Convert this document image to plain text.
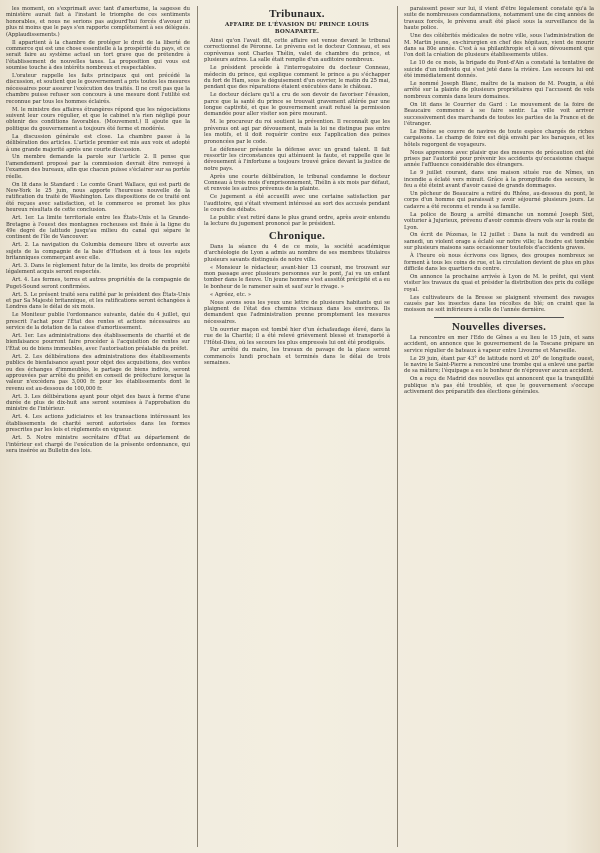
les moment, on s'exprimait avec tant d'amertume, la sagesse du ministère aurait fait à l'instant le triomphe de ces sentiments honorables, et nous ne serions pas aujourd'hui forcés d'avouer ni plus ni moins que le pays s'en rapporte complètement à ses délégués. (Applaudissements.)

Il appartient à la chambre de protéger le droit de la liberté de commerce qui est une chose essentielle à la prospérité du pays, et ce serait faire au système actuel un tort grave que de prétendre à l'établissement de nouvelles taxes. La proposition qui vous est soumise touche à des intérêts nombreux et respectables.

L'orateur rappelle les faits principaux qui ont précédé la discussion, et soutient que le gouvernement a pris toutes les mesures nécessaires pour assurer l'exécution des traités. Il ne croit pas que la chambre puisse refuser son concours à une mesure dont l'utilité est reconnue par tous les hommes éclairés.

M. le ministre des affaires étrangères répond que les négociations suivent leur cours régulier, et que le cabinet n'a rien négligé pour obtenir des conditions favorables. (Mouvement.) Il ajoute que la politique du gouvernement a toujours été ferme et modérée.

La discussion générale est close. La chambre passe à la délibération des articles. L'article premier est mis aux voix et adopté à une grande majorité après une courte discussion.

Un membre demande la parole sur l'article 2. Il pense que l'amendement proposé par la commission devrait être renvoyé à l'examen des bureaux, afin que chacun puisse s'éclairer sur sa portée réelle.

On lit dans le Standard : Le comte Grant Wallace, qui est parti de New-York le 25 juin, nous apporte l'heureuse nouvelle de la ratification du traité de Washington. Les dispositions de ce traité ont été reçues avec satisfaction, et le commerce se promet les plus heureux résultats de cette conclusion.

Art. 1er. La limite territoriale entre les États-Unis et la Grande-Bretagne à l'ouest des montagnes rocheuses est fixée à la ligne du 49e degré de latitude jusqu'au milieu du canal qui sépare le continent de l'île de Vancouver.

Art. 2. La navigation du Columbia demeure libre et ouverte aux sujets de la compagnie de la baie d'Hudson et à tous les sujets britanniques commerçant avec elle.

Art. 3. Dans le règlement futur de la limite, les droits de propriété légalement acquis seront respectés.

Art. 4. Les fermes, terres et autres propriétés de la compagnie de Puget-Sound seront confirmées.

Art. 5. Le présent traité sera ratifié par le président des États-Unis et par Sa Majesté britannique, et les ratifications seront échangées à Londres dans le délai de six mois.

Le Moniteur publie l'ordonnance suivante, datée du 4 juillet, qui prescrit l'achat pour l'État des rentes et actions nécessaires au service de la dotation de la caisse d'amortissement.

Art. 1er. Les administrations des établissements de charité et de bienfaisance pourront faire procéder à l'acquisition de rentes sur l'État ou de biens immeubles, avec l'autorisation préalable du préfet.

Art. 2. Les délibérations des administrations des établissements publics de bienfaisance ayant pour objet des acquisitions, des ventes ou des échanges d'immeubles, le partage de biens indivis, seront approuvées par arrêté du préfet en conseil de préfecture lorsque la valeur n'excèdera pas 3,000 fr. pour les établissements dont le revenu est au-dessous de 100,000 fr.

Art. 3. Les délibérations ayant pour objet des baux à ferme d'une durée de plus de dix-huit ans seront soumises à l'approbation du ministre de l'intérieur.

Art. 4. Les actions judiciaires et les transactions intéressant les établissements de charité seront autorisées dans les formes prescrites par les lois et règlements en vigueur.

Art. 5. Notre ministre secrétaire d'État au département de l'intérieur est chargé de l'exécution de la présente ordonnance, qui sera insérée au Bulletin des lois.

Tribunaux.
AFFAIRE DE L'ÉVASION DU PRINCE LOUIS BONAPARTE.

Ainsi qu'on l'avait dit, cette affaire est venue devant le tribunal correctionnel de Péronne. Le prévenu est le docteur Conneau, et ses coprévenus sont Charles Thélin, valet de chambre du prince, et plusieurs autres. La salle était remplie d'un auditoire nombreux.

Le président procède à l'interrogatoire du docteur Conneau, médecin du prince, qui explique comment le prince a pu s'échapper du fort de Ham, sous le déguisement d'un ouvrier, le matin du 25 mai, pendant que des réparations étaient exécutées dans le château.

Le docteur déclare qu'il a cru de son devoir de favoriser l'évasion, parce que la santé du prince se trouvait gravement altérée par une longue captivité, et que le gouvernement avait refusé la permission demandée pour aller visiter son père mourant.

M. le procureur du roi soutient la prévention. Il reconnaît que les prévenus ont agi par dévouement, mais la loi ne distingue pas entre les motifs, et il doit requérir contre eux l'application des peines prononcées par le code.

Le défenseur présente la défense avec un grand talent. Il fait ressortir les circonstances qui atténuent la faute, et rappelle que le dévouement à l'infortune a toujours trouvé grâce devant la justice de notre pays.

Après une courte délibération, le tribunal condamne le docteur Conneau à trois mois d'emprisonnement, Thélin à six mois par défaut, et renvoie les autres prévenus de la plainte.

Ce jugement a été accueilli avec une certaine satisfaction par l'auditoire, qui s'était vivement intéressé au sort des accusés pendant le cours des débats.

Le public s'est retiré dans le plus grand ordre, après avoir entendu la lecture du jugement prononcé par le président.

Chronique.

Dans la séance du 4 de ce mois, la société académique d'archéologie de Lyon a admis au nombre de ses membres titulaires plusieurs savants distingués de notre ville.

« Monsieur le rédacteur, avant-hier 13 courant, me trouvant sur mon passage avec plusieurs personnes sur le pont, j'ai vu un enfant tomber dans le fleuve. Un jeune homme s'est aussitôt précipité et a eu le bonheur de le ramener sain et sauf sur le rivage. »

« Agréez, etc. »

Nous avons sous les yeux une lettre de plusieurs habitants qui se plaignent de l'état des chemins vicinaux dans les environs. Ils demandent que l'administration prenne promptement les mesures nécessaires.

Un ouvrier maçon est tombé hier d'un échafaudage élevé, dans la rue de la Charité; il a été relevé grièvement blessé et transporté à l'Hôtel-Dieu, où les secours les plus empressés lui ont été prodigués.

Par arrêté du maire, les travaux de pavage de la place seront commencés lundi prochain et terminés dans le délai de trois semaines.

paraissent peser sur lui, il vient d'être légalement constaté qu'à la suite de nombreuses condamnations, notamment une de cinq années de travaux forcés, le prévenu avait été placé sous la surveillance de la haute police.

Une des célébrités médicales de notre ville, sous l'administration de M. Martin jeune, ex-chirurgien en chef des hôpitaux, vient de mourir dans sa 80e année. C'est à sa philanthropie et à son dévouement que l'on doit la création de plusieurs établissements utiles.

Le 10 de ce mois, la brigade du Pont-d'Ain a constaté la tentative de suicide d'un individu qui s'est jeté dans la rivière. Les secours lui ont été immédiatement donnés.

Le nommé Joseph Blanc, maître de la maison de M. Pougin, a été arrêté sur la plainte de plusieurs propriétaires qui l'accusent de vols nombreux commis dans leurs domaines.

On lit dans le Courrier du Gard : Le mouvement de la foire de Beaucaire commence à se faire sentir. La ville voit arriver successivement des marchands de toutes les parties de la France et de l'étranger.

Le Rhône se couvre de navires de toute espèce chargés de riches cargaisons. Le champ de foire est déjà envahi par les baraques, et les hôtels regorgent de voyageurs.

Nous apprenons avec plaisir que des mesures de précaution ont été prises par l'autorité pour prévenir les accidents qu'occasionne chaque année l'affluence considérable des étrangers.

Le 9 juillet courant, dans une maison située rue de Nîmes, un incendie a éclaté vers minuit. Grâce à la promptitude des secours, le feu a été éteint avant d'avoir causé de grands dommages.

Un pêcheur de Beaucaire a retiré du Rhône, au-dessous du pont, le corps d'un homme qui paraissait y avoir séjourné plusieurs jours. Le cadavre a été reconnu et rendu à sa famille.

La police de Bourg a arrêté dimanche un nommé Joseph Sixt, voiturier à Jujurieux, prévenu d'avoir commis divers vols sur la route de Lyon.

On écrit de Pézenas, le 12 juillet : Dans la nuit du vendredi au samedi, un violent orage a éclaté sur notre ville; la foudre est tombée sur plusieurs maisons sans occasionner toutefois d'accidents graves.

À l'heure où nous écrivons ces lignes, des groupes nombreux se forment à tous les coins de rue, et la circulation devient de plus en plus difficile dans les quartiers du centre.

On annonce la prochaine arrivée à Lyon de M. le préfet, qui vient visiter les travaux du quai et présider la distribution des prix du collège royal.

Les cultivateurs de la Bresse se plaignent vivement des ravages causés par les insectes dans les récoltes de blé; on craint que la moisson ne soit inférieure à celle de l'année dernière.

Nouvelles diverses.

La rencontre en mer l'Edo de Gênes a eu lieu le 15 juin, et sans accident, on annonce que le gouvernement de la Toscane prépare un service régulier de bateaux à vapeur entre Livourne et Marseille.

Le 29 juin, étant par 43° de latitude nord et 20° de longitude ouest, le navire le Saint-Pierre a rencontré une trombe qui a enlevé une partie de sa mâture; l'équipage a eu le bonheur de n'éprouver aucun accident.

On a reçu de Madrid des nouvelles qui annoncent que la tranquillité publique n'a pas été troublée, et que le gouvernement s'occupe activement des préparatifs des élections générales.
